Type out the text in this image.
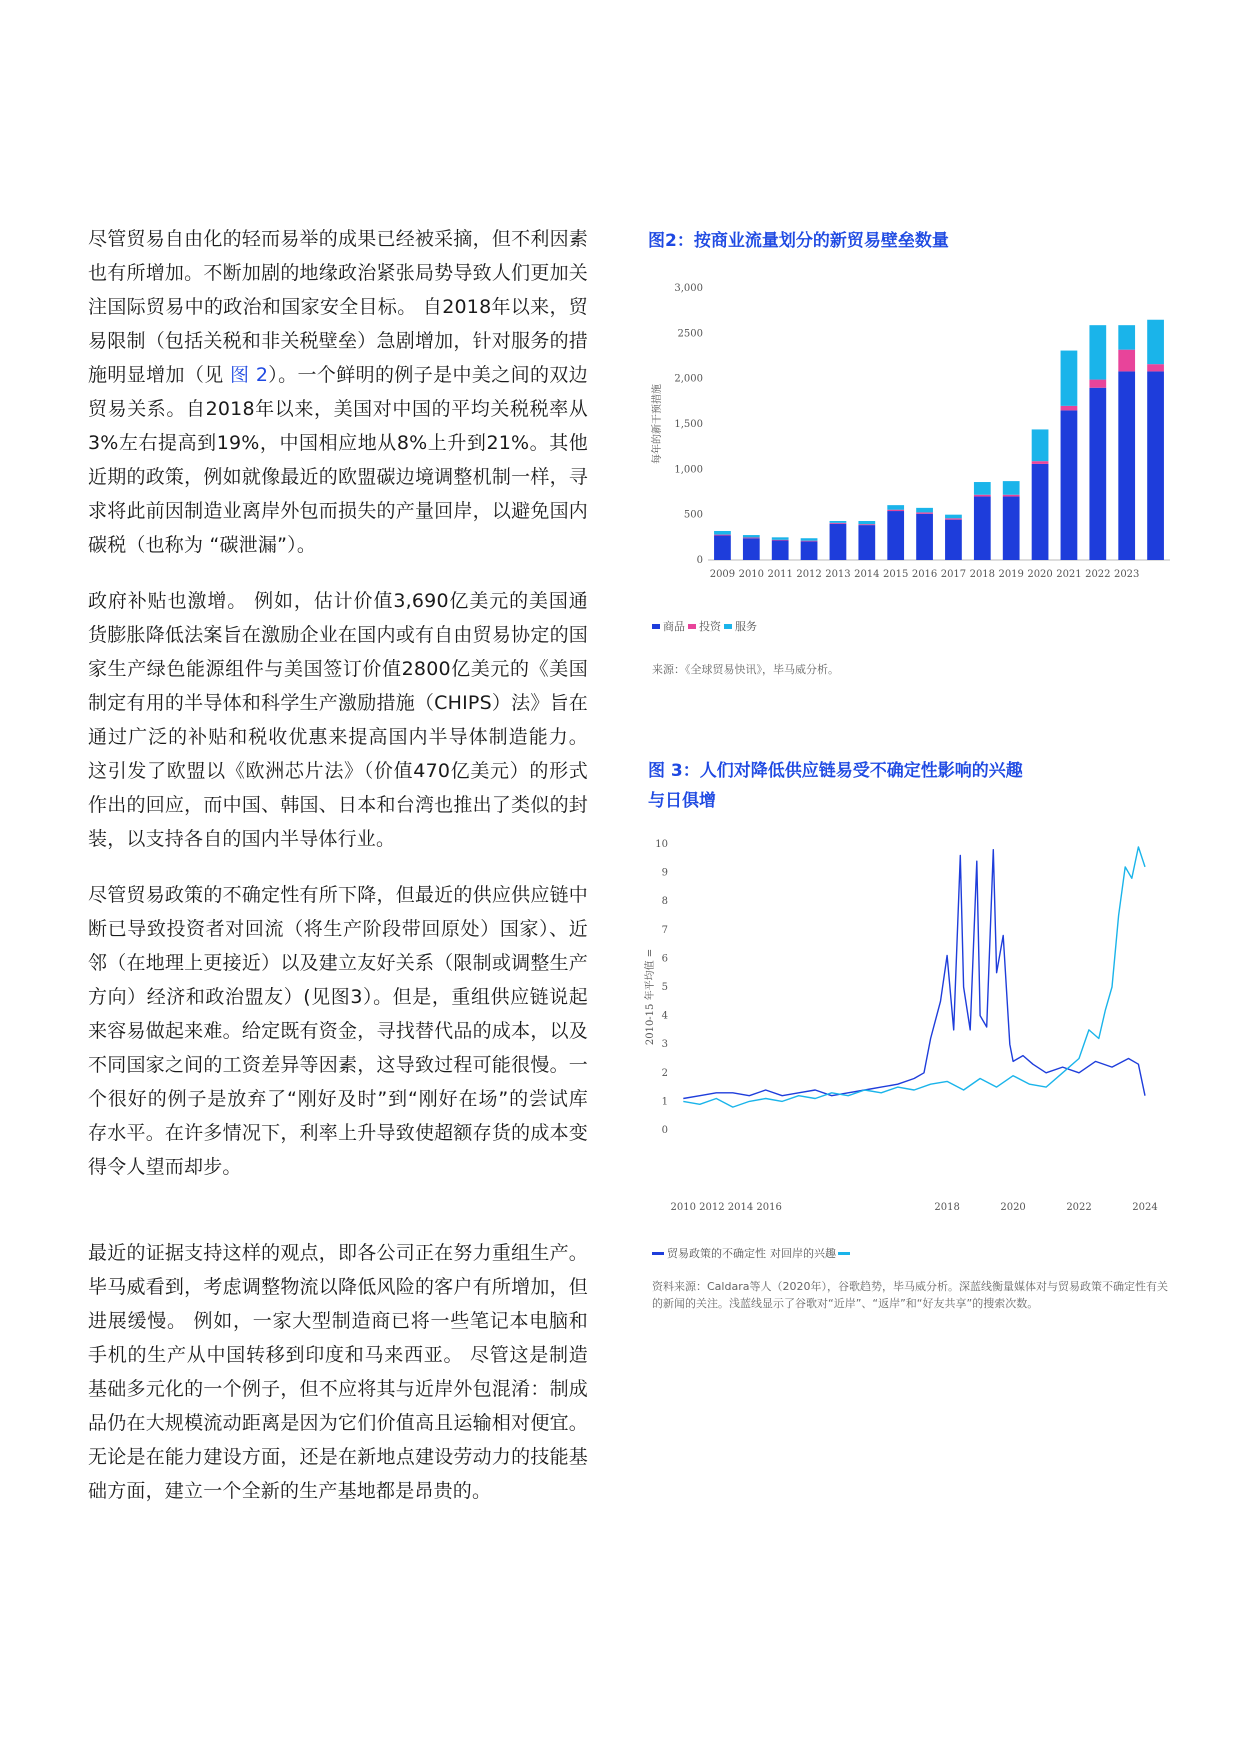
尽管贸易自由化的轻而易举的成果已经被采摘，但不利因素也有所增加。不断加剧的地缘政治紧张局势导致人们更加关注国际贸易中的政治和国家安全目标。 自2018年以来，贸易限制（包括关税和非关税壁垒）急剧增加，针对服务的措施明显增加（见 图 2）。一个鲜明的例子是中美之间的双边贸易关系。自2018年以来，美国对中国的平均关税税率从3%左右提高到19%，中国相应地从8%上升到21%。其他近期的政策，例如就像最近的欧盟碳边境调整机制一样，寻求将此前因制造业离岸外包而损失的产量回岸，以避免国内碳税（也称为 “碳泄漏”）。

政府补贴也激增。 例如，估计价值3,690亿美元的美国通货膨胀降低法案旨在激励企业在国内或有自由贸易协定的国家生产绿色能源组件与美国签订价值2800亿美元的《美国制定有用的半导体和科学生产激励措施（CHIPS）法》旨在通过广泛的补贴和税收优惠来提高国内半导体制造能力。 这引发了欧盟以《欧洲芯片法》（价值470亿美元）的形式作出的回应，而中国、韩国、日本和台湾也推出了类似的封装，以支持各自的国内半导体行业。

尽管贸易政策的不确定性有所下降，但最近的供应供应链中断已导致投资者对回流（将生产阶段带回原处）国家）、近邻（在地理上更接近）以及建立友好关系（限制或调整生产方向）经济和政治盟友）(见图3）。但是，重组供应链说起来容易做起来难。给定既有资金，寻找替代品的成本，以及不同国家之间的工资差异等因素，这导致过程可能很慢。一个很好的例子是放弃了“刚好及时”到“刚好在场”的尝试库存水平。在许多情况下，利率上升导致使超额存货的成本变得令人望而却步。

最近的证据支持这样的观点，即各公司正在努力重组生产。毕马威看到，考虑调整物流以降低风险的客户有所增加，但进展缓慢。 例如，一家大型制造商已将一些笔记本电脑和手机的生产从中国转移到印度和马来西亚。 尽管这是制造基础多元化的一个例子，但不应将其与近岸外包混淆：制成品仍在大规模流动距离是因为它们价值高且运输相对便宜。无论是在能力建设方面，还是在新地点建设劳动力的技能基础方面，建立一个全新的生产基地都是昂贵的。

图2：按商业流量划分的新贸易壁垒数量

0
500
1,000
1,500
2,000
2500
3,000
每年的新干预措施
2009 2010 2011 2012 2013 2014 2015 2016 2017 2018 2019 2020 2021 2022 2023
商品 投资 服务

来源：《全球贸易快讯》，毕马威分析。

图 3：人们对降低供应链易受不确定性影响的兴趣

与日俱增

0
1
2
3
4
5
6
7
8
9
10
2010-15 年平均值 =
2010 2012 2014 2016	2018	2020	2022	2024
贸易政策的不确定性 对回岸的兴趣

资料来源：Caldara等人（2020年），谷歌趋势，毕马威分析。深蓝线衡量媒体对与贸易政策不确定性有关的新闻的关注。浅蓝线显示了谷歌对“近岸”、“返岸”和“好友共享”的搜索次数。
